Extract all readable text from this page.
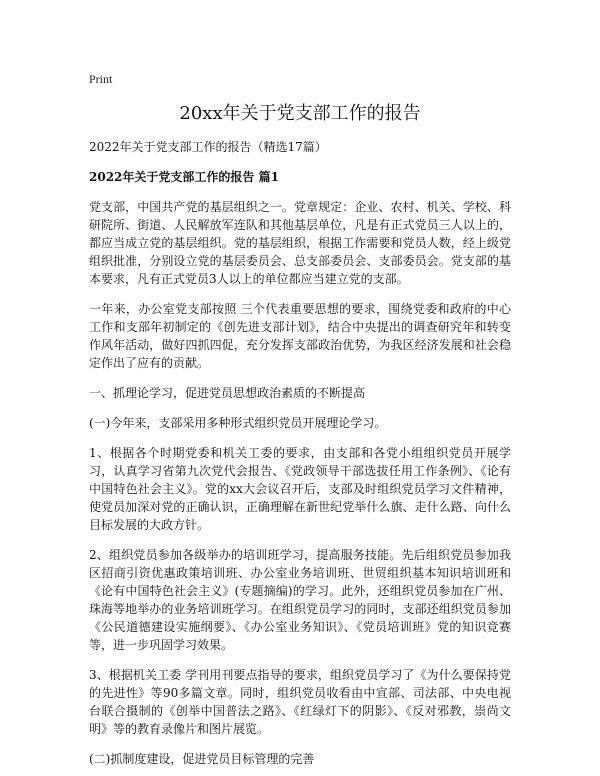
Print
20xx年关于党支部工作的报告
2022年关于党支部工作的报告（精选17篇）
2022年关于党支部工作的报告 篇1

党支部，中国共产党的基层组织之一。党章规定：企业、农村、机关、学校、科研院所、街道、人民解放军连队和其他基层单位，凡是有正式党员三人以上的，都应当成立党的基层组织。党的基层组织，根据工作需要和党员人数，经上级党组织批准，分别设立党的基层委员会、总支部委员会、支部委员会。党支部的基本要求，凡有正式党员3人以上的单位都应当建立党的支部。

一年来，办公室党支部按照 三个代表重要思想的要求，围绕党委和政府的中心工作和支部年初制定的《创先进支部计划》，结合中央提出的调查研究年和转变作风年活动，做好四抓四促，充分发挥支部政治优势，为我区经济发展和社会稳定作出了应有的贡献。

一、抓理论学习，促进党员思想政治素质的不断提高

(一)今年来，支部采用多种形式组织党员开展理论学习。

1、根据各个时期党委和机关工委的要求，由支部和各党小组组织党员开展学习，认真学习省第九次党代会报告、《党政领导干部选拔任用工作条例》、《论有中国特色社会主义》。党的xx大会议召开后，支部及时组织党员学习文件精神，使党员加深对党的正确认识，正确理解在新世纪党举什么旗、走什么路、向什么目标发展的大政方针。

2、组织党员参加各级举办的培训班学习，提高服务技能。先后组织党员参加我区招商引资优惠政策培训班、办公室业务培训班、世贸组织基本知识培训班和《论有中国特色社会主义》(专题摘编)的学习。此外，还组织党员参加在广州、珠海等地举办的业务培训班学习。在组织党员学习的同时，支部还组织党员参加《公民道德建设实施纲要》、《办公室业务知识》、《党员培训班》党的知识竞赛等，进一步巩固学习效果。

3、根据机关工委 学刊用刊要点指导的要求，组织党员学习了《为什么要保持党的先进性》等90多篇文章。同时，组织党员收看由中宣部、司法部、中央电视台联合摄制的《创举中国普法之路》、《红绿灯下的阴影》、《反对邪教，崇尚文明》等的教育录像片和图片展览。

(二)抓制度建设，促进党员目标管理的完善
